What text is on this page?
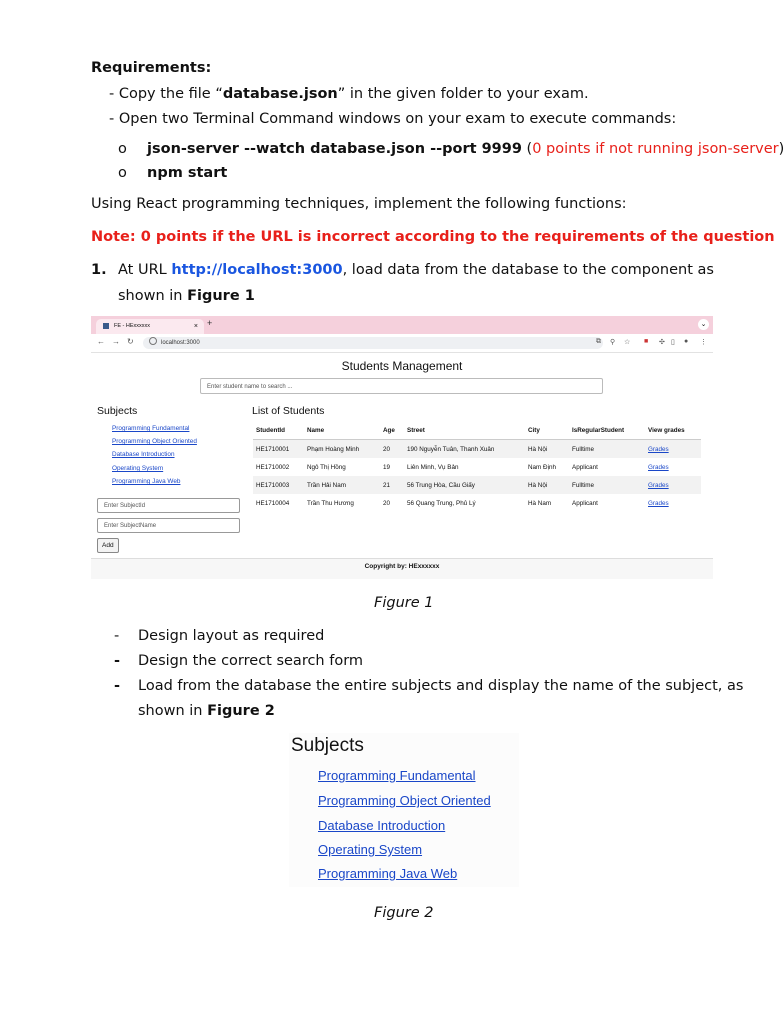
Requirements:
- Copy the file “database.json” in the given folder to your exam.
- Open two Terminal Command windows on your exam to execute commands:
o json-server --watch database.json --port 9999 (0 points if not running json-server)
o npm start
Using React programming techniques, implement the following functions:
Note: 0 points if the URL is incorrect according to the requirements of the question
1. At URL http://localhost:3000, load data from the database to the component as
shown in Figure 1
FE - HExxxxxx	× +	⌄
← → ↻	localhost:3000	⧉ ⚲ ☆ ■ ✣ ▯ ● ⋮
Students Management
Enter student name to search ...
Subjects
Programming Fundamental
Programming Object Oriented
Database Introduction
Operating System
Programming Java Web
Enter SubjectId
Enter SubjectName
Add
List of Students
StudentId	Name	Age	Street	City	IsRegularStudent	View grades
HE1710001	Phạm Hoàng Minh	20	190 Nguyễn Tuân, Thanh Xuân	Hà Nội	Fulltime	Grades
HE1710002	Ngô Thị Hồng	19	Liên Minh, Vụ Bản	Nam Định	Applicant	Grades
HE1710003	Trần Hải Nam	21	56 Trung Hòa, Cầu Giấy	Hà Nội	Fulltime	Grades
HE1710004	Trần Thu Hương	20	56 Quang Trung, Phủ Lý	Hà Nam	Applicant	Grades
Copyright by: HExxxxxx
Figure 1
- Design layout as required
- Design the correct search form
- Load from the database the entire subjects and display the name of the subject, as
shown in Figure 2
Subjects
Programming Fundamental
Programming Object Oriented
Database Introduction
Operating System
Programming Java Web
Figure 2
